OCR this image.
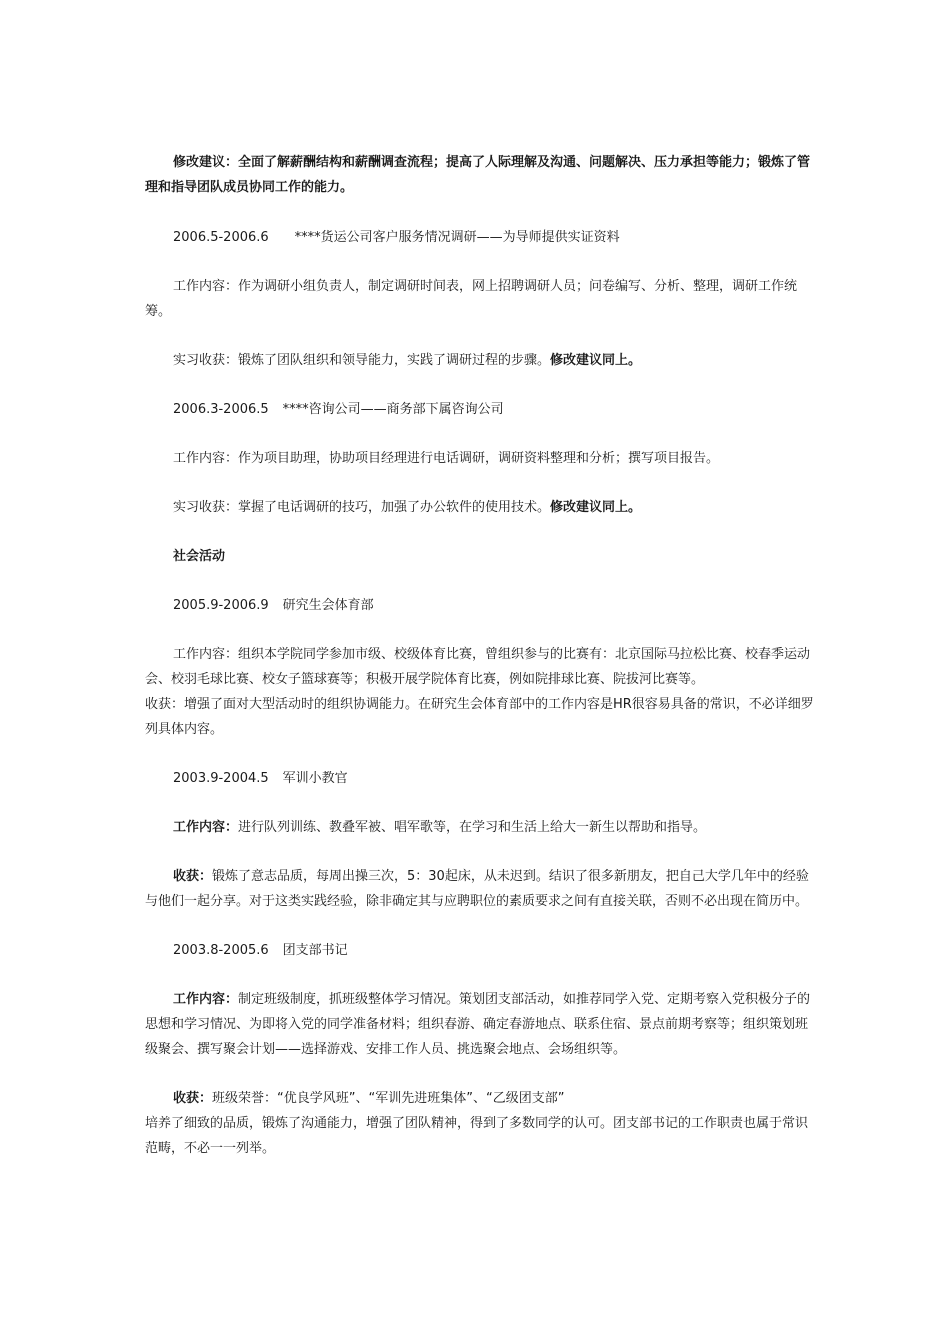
修改建议：全面了解薪酬结构和薪酬调查流程；提高了人际理解及沟通、问题解决、压力承担等能力；锻炼了管理和指导团队成员协同工作的能力。

2006.5-2006.6 ****货运公司客户服务情况调研——为导师提供实证资料

工作内容：作为调研小组负责人，制定调研时间表，网上招聘调研人员；问卷编写、分析、整理，调研工作统筹。

实习收获：锻炼了团队组织和领导能力，实践了调研过程的步骤。修改建议同上。

2006.3-2006.5 ****咨询公司——商务部下属咨询公司

工作内容：作为项目助理，协助项目经理进行电话调研，调研资料整理和分析；撰写项目报告。

实习收获：掌握了电话调研的技巧，加强了办公软件的使用技术。修改建议同上。

社会活动

2005.9-2006.9 研究生会体育部

工作内容：组织本学院同学参加市级、校级体育比赛，曾组织参与的比赛有：北京国际马拉松比赛、校春季运动会、校羽毛球比赛、校女子篮球赛等；积极开展学院体育比赛，例如院排球比赛、院拔河比赛等。

收获：增强了面对大型活动时的组织协调能力。在研究生会体育部中的工作内容是HR很容易具备的常识，不必详细罗列具体内容。

2003.9-2004.5 军训小教官

工作内容：进行队列训练、教叠军被、唱军歌等，在学习和生活上给大一新生以帮助和指导。

收获：锻炼了意志品质，每周出操三次，5：30起床，从未迟到。结识了很多新朋友，把自己大学几年中的经验与他们一起分享。对于这类实践经验，除非确定其与应聘职位的素质要求之间有直接关联，否则不必出现在简历中。

2003.8-2005.6 团支部书记

工作内容：制定班级制度，抓班级整体学习情况。策划团支部活动，如推荐同学入党、定期考察入党积极分子的思想和学习情况、为即将入党的同学准备材料；组织春游、确定春游地点、联系住宿、景点前期考察等；组织策划班级聚会、撰写聚会计划——选择游戏、安排工作人员、挑选聚会地点、会场组织等。

收获：班级荣誉：“优良学风班”、“军训先进班集体”、“乙级团支部”

培养了细致的品质，锻炼了沟通能力，增强了团队精神，得到了多数同学的认可。团支部书记的工作职责也属于常识范畴，不必一一列举。
